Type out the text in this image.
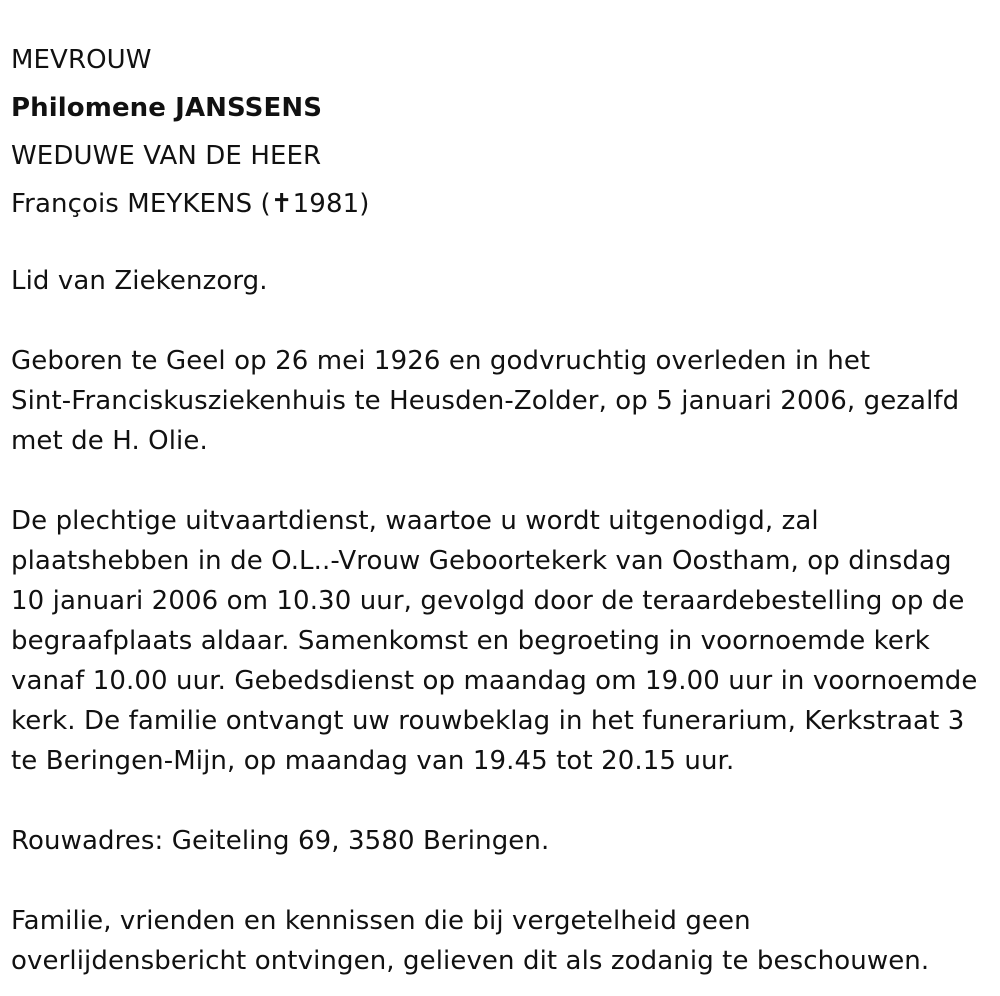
MEVROUW
Philomene JANSSENS
WEDUWE VAN DE HEER
François MEYKENS (✝1981)

Lid van Ziekenzorg.

Geboren te Geel op 26 mei 1926 en godvruchtig overleden in het
Sint-Franciskusziekenhuis te Heusden-Zolder, op 5 januari 2006, gezalfd
met de H. Olie.

De plechtige uitvaartdienst, waartoe u wordt uitgenodigd, zal
plaatshebben in de O.L..-Vrouw Geboortekerk van Oostham, op dinsdag
10 januari 2006 om 10.30 uur, gevolgd door de teraardebestelling op de
begraafplaats aldaar. Samenkomst en begroeting in voornoemde kerk
vanaf 10.00 uur. Gebedsdienst op maandag om 19.00 uur in voornoemde
kerk. De familie ontvangt uw rouwbeklag in het funerarium, Kerkstraat 3
te Beringen-Mijn, op maandag van 19.45 tot 20.15 uur.

Rouwadres: Geiteling 69, 3580 Beringen.

Familie, vrienden en kennissen die bij vergetelheid geen
overlijdensbericht ontvingen, gelieven dit als zodanig te beschouwen.
